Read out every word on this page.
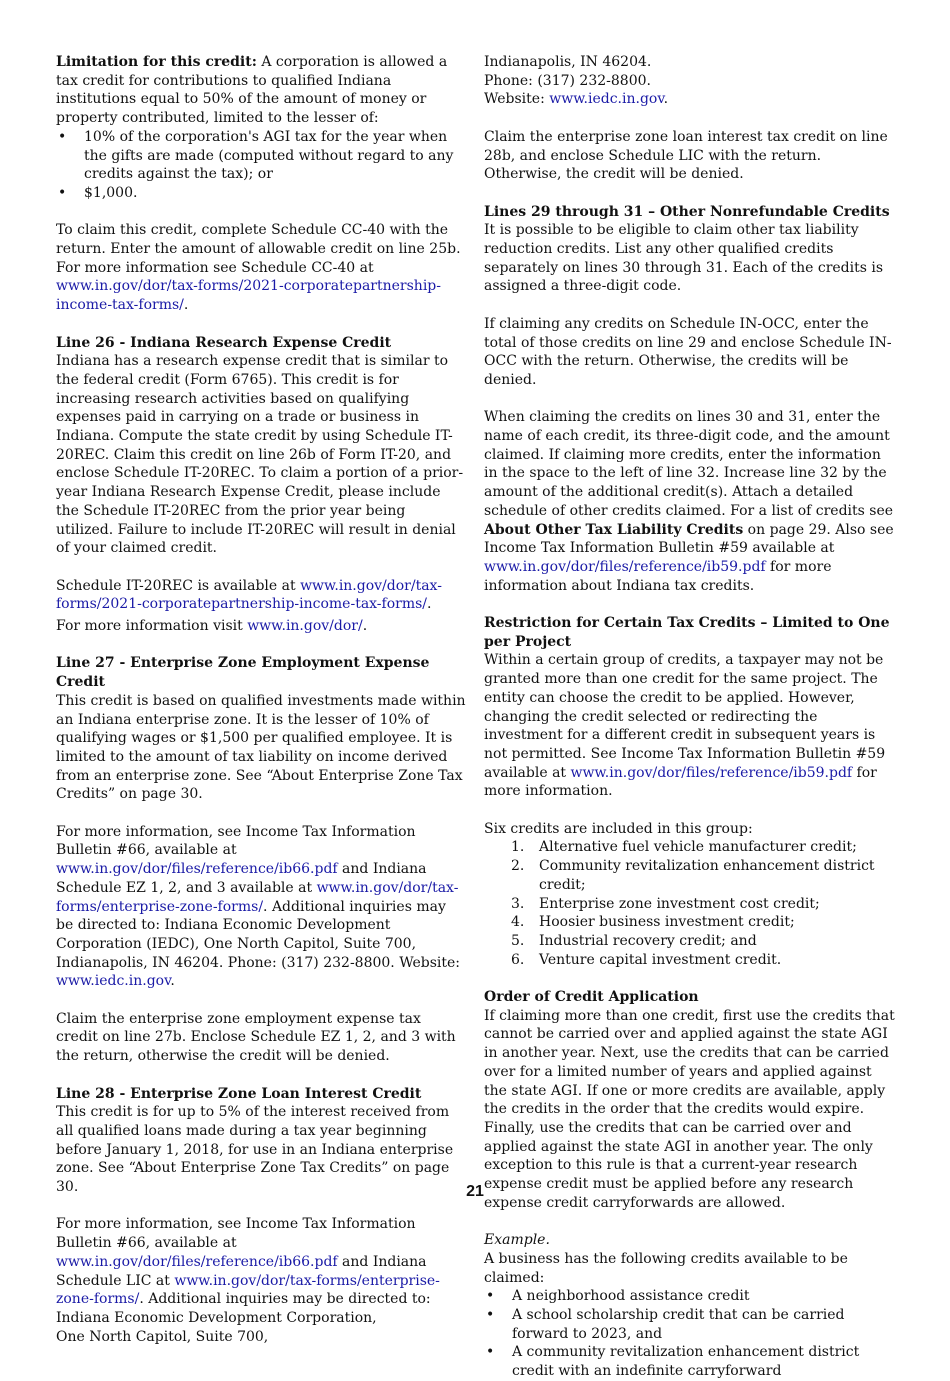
Limitation for this credit: A corporation is allowed a tax credit for contributions to qualified Indiana institutions equal to 50% of the amount of money or property contributed, limited to the lesser of:

• 10% of the corporation's AGI tax for the year when the gifts are made (computed without regard to any credits against the tax); or
• $1,000.

To claim this credit, complete Schedule CC-40 with the return. Enter the amount of allowable credit on line 25b. For more information see Schedule CC-40 at www.in.gov/dor/tax-forms/2021-corporatepartnership-income-tax-forms/.

Line 26 - Indiana Research Expense Credit

Indiana has a research expense credit that is similar to the federal credit (Form 6765). This credit is for increasing research activities based on qualifying expenses paid in carrying on a trade or business in Indiana. Compute the state credit by using Schedule IT-20REC. Claim this credit on line 26b of Form IT-20, and enclose Schedule IT-20REC. To claim a portion of a prior-year Indiana Research Expense Credit, please include the Schedule IT-20REC from the prior year being utilized. Failure to include IT-20REC will result in denial of your claimed credit.

Schedule IT-20REC is available at www.in.gov/dor/tax-forms/2021-corporatepartnership-income-tax-forms/.

For more information visit www.in.gov/dor/.

Line 27 - Enterprise Zone Employment Expense Credit

This credit is based on qualified investments made within an Indiana enterprise zone. It is the lesser of 10% of qualifying wages or $1,500 per qualified employee. It is limited to the amount of tax liability on income derived from an enterprise zone. See “About Enterprise Zone Tax Credits” on page 30.

For more information, see Income Tax Information Bulletin #66, available at www.in.gov/dor/files/reference/ib66.pdf and Indiana Schedule EZ 1, 2, and 3 available at www.in.gov/dor/tax-forms/enterprise-zone-forms/. Additional inquiries may be directed to: Indiana Economic Development Corporation (IEDC), One North Capitol, Suite 700, Indianapolis, IN 46204. Phone: (317) 232-8800. Website: www.iedc.in.gov.

Claim the enterprise zone employment expense tax credit on line 27b. Enclose Schedule EZ 1, 2, and 3 with the return, otherwise the credit will be denied.

Line 28 - Enterprise Zone Loan Interest Credit

This credit is for up to 5% of the interest received from all qualified loans made during a tax year beginning before January 1, 2018, for use in an Indiana enterprise zone. See “About Enterprise Zone Tax Credits” on page 30.

For more information, see Income Tax Information Bulletin #66, available at www.in.gov/dor/files/reference/ib66.pdf and Indiana Schedule LIC at www.in.gov/dor/tax-forms/enterprise-zone-forms/. Additional inquiries may be directed to:

Indiana Economic Development Corporation,

One North Capitol, Suite 700,

Indianapolis, IN 46204.

Phone: (317) 232-8800.

Website: www.iedc.in.gov.

Claim the enterprise zone loan interest tax credit on line 28b, and enclose Schedule LIC with the return. Otherwise, the credit will be denied.

Lines 29 through 31 – Other Nonrefundable Credits

It is possible to be eligible to claim other tax liability reduction credits. List any other qualified credits separately on lines 30 through 31. Each of the credits is assigned a three-digit code.

If claiming any credits on Schedule IN-OCC, enter the total of those credits on line 29 and enclose Schedule IN-OCC with the return. Otherwise, the credits will be denied.

When claiming the credits on lines 30 and 31, enter the name of each credit, its three-digit code, and the amount claimed. If claiming more credits, enter the information in the space to the left of line 32. Increase line 32 by the amount of the additional credit(s). Attach a detailed schedule of other credits claimed. For a list of credits see About Other Tax Liability Credits on page 29. Also see Income Tax Information Bulletin #59 available at www.in.gov/dor/files/reference/ib59.pdf for more information about Indiana tax credits.

Restriction for Certain Tax Credits – Limited to One per Project

Within a certain group of credits, a taxpayer may not be granted more than one credit for the same project. The entity can choose the credit to be applied. However, changing the credit selected or redirecting the investment for a different credit in subsequent years is not permitted. See Income Tax Information Bulletin #59 available at www.in.gov/dor/files/reference/ib59.pdf for more information.

Six credits are included in this group:

1. Alternative fuel vehicle manufacturer credit;
2. Community revitalization enhancement district credit;
3. Enterprise zone investment cost credit;
4. Hoosier business investment credit;
5. Industrial recovery credit; and
6. Venture capital investment credit.

Order of Credit Application

If claiming more than one credit, first use the credits that cannot be carried over and applied against the state AGI in another year. Next, use the credits that can be carried over for a limited number of years and applied against the state AGI. If one or more credits are available, apply the credits in the order that the credits would expire. Finally, use the credits that can be carried over and applied against the state AGI in another year. The only exception to this rule is that a current-year research expense credit must be applied before any research expense credit carryforwards are allowed.

Example.

A business has the following credits available to be claimed:

• A neighborhood assistance credit
• A school scholarship credit that can be carried forward to 2023, and
• A community revitalization enhancement district credit with an indefinite carryforward
21
